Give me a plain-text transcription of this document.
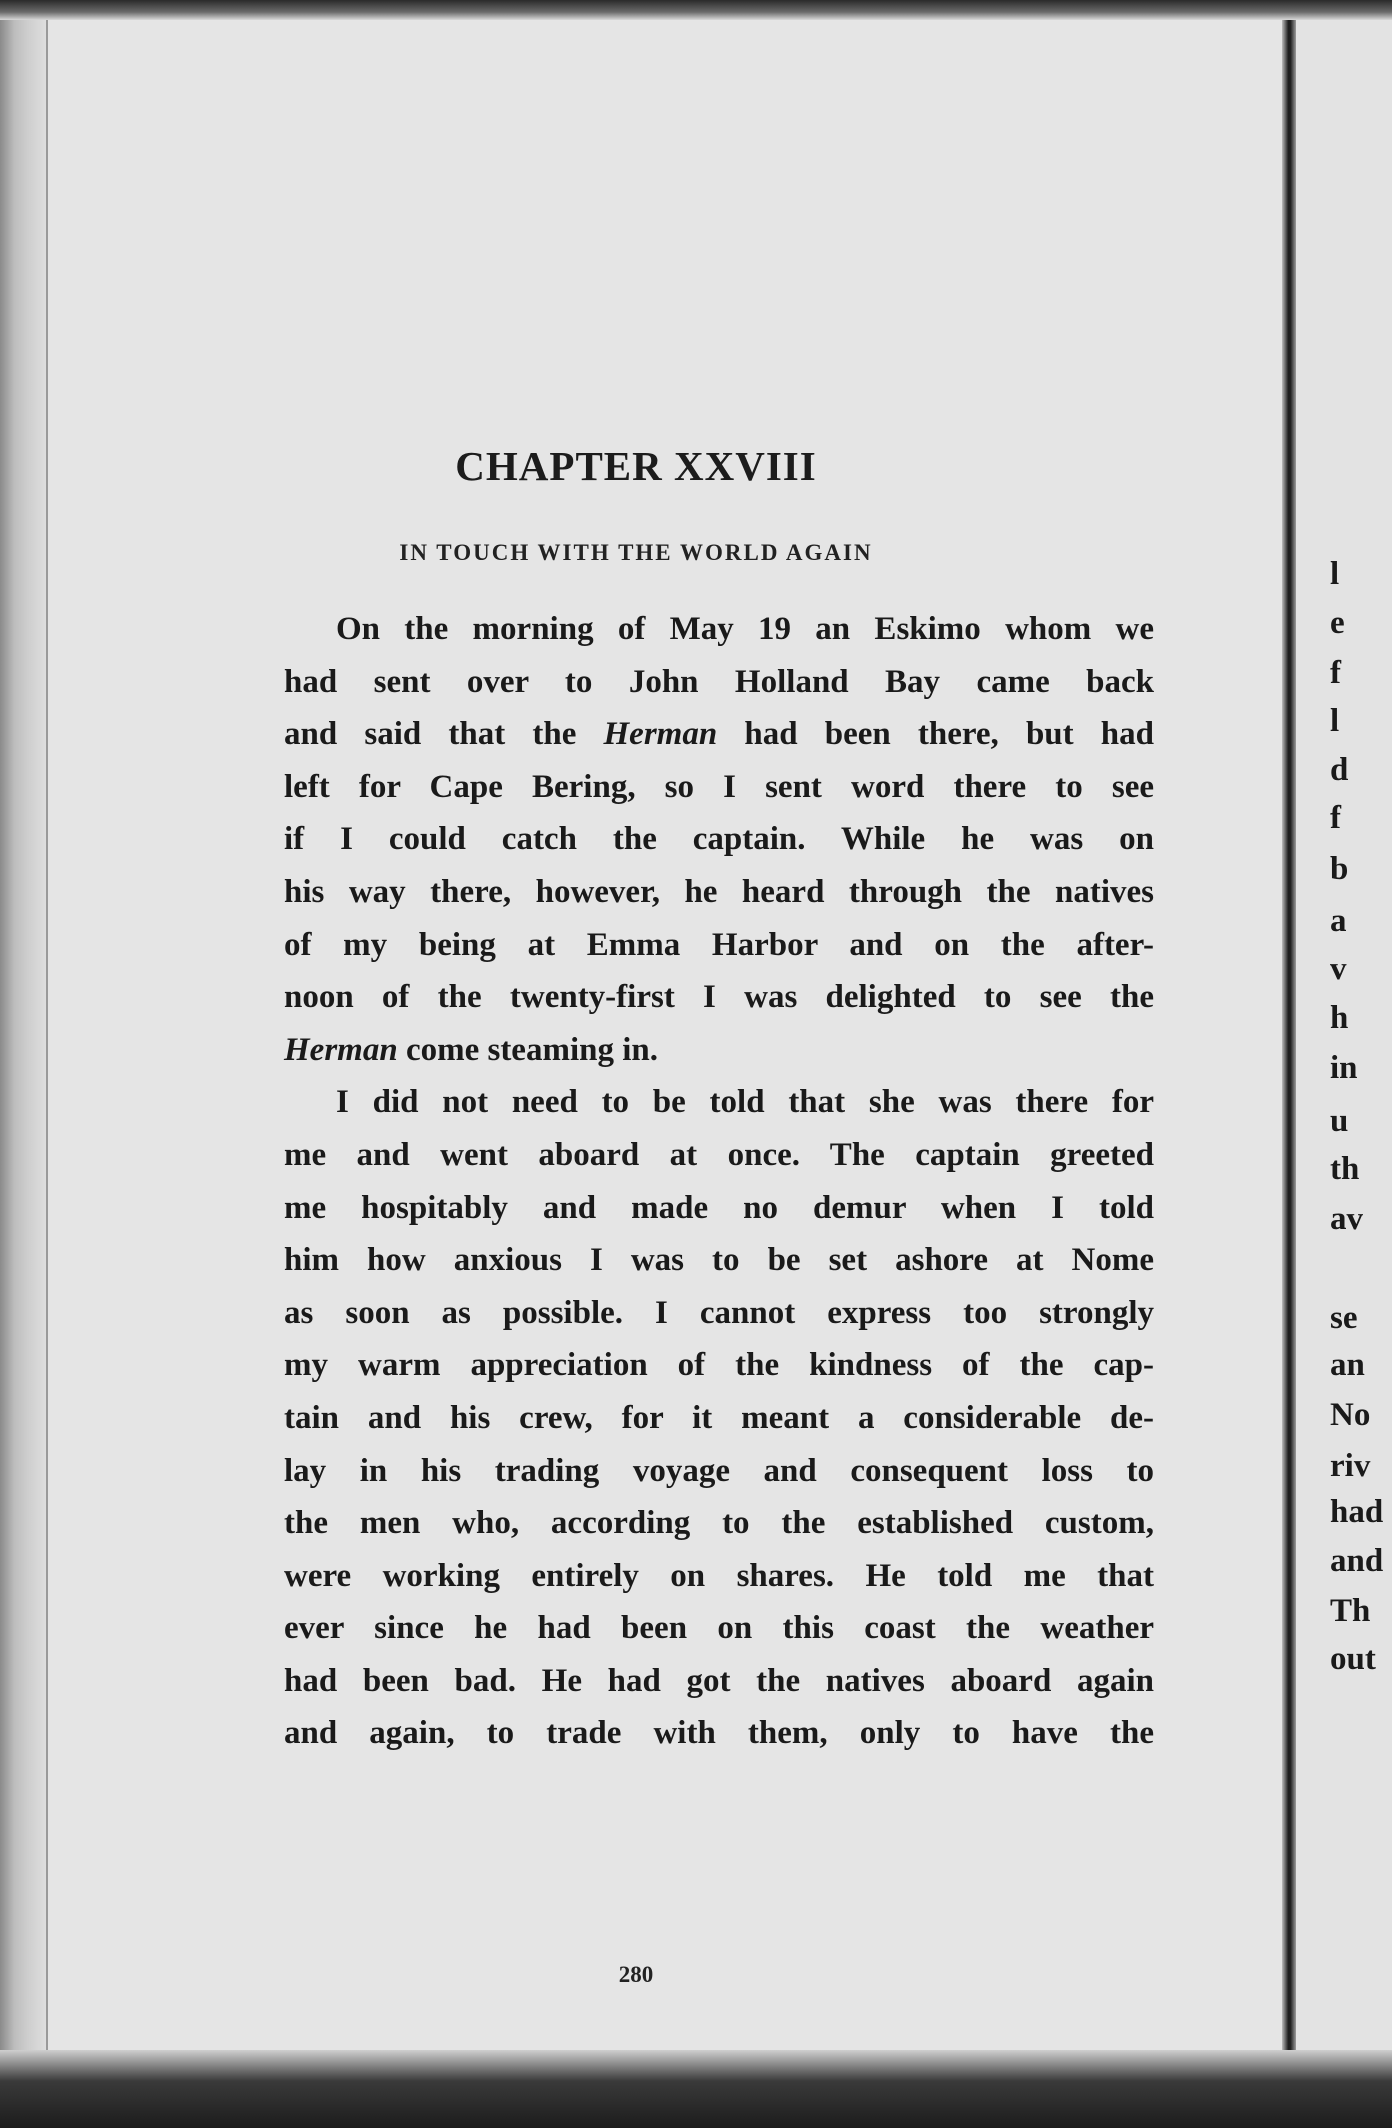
l
e
f
l
d
f
b
a
v
h
in
u
th
av
se
an
No
riv
had
and
Th
out
CHAPTER XXVIII
IN TOUCH WITH THE WORLD AGAIN
On the morning of May 19 an Eskimo whom we
had sent over to John Holland Bay came back
and said that the Herman had been there, but had
left for Cape Bering, so I sent word there to see
if I could catch the captain. While he was on
his way there, however, he heard through the natives
of my being at Emma Harbor and on the after-
noon of the twenty-first I was delighted to see the
Herman come steaming in.
I did not need to be told that she was there for
me and went aboard at once. The captain greeted
me hospitably and made no demur when I told
him how anxious I was to be set ashore at Nome
as soon as possible. I cannot express too strongly
my warm appreciation of the kindness of the cap-
tain and his crew, for it meant a considerable de-
lay in his trading voyage and consequent loss to
the men who, according to the established custom,
were working entirely on shares. He told me that
ever since he had been on this coast the weather
had been bad. He had got the natives aboard again
and again, to trade with them, only to have the
280
